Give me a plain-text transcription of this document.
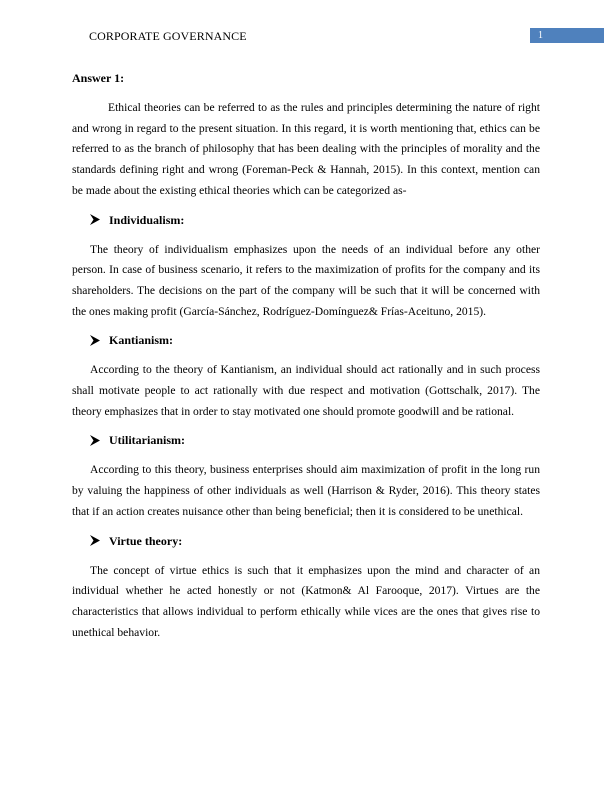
CORPORATE GOVERNANCE	1
Answer 1:

Ethical theories can be referred to as the rules and principles determining the nature of right and wrong in regard to the present situation. In this regard, it is worth mentioning that, ethics can be referred to as the branch of philosophy that has been dealing with the principles of morality and the standards defining right and wrong (Foreman-Peck & Hannah, 2015). In this context, mention can be made about the existing ethical theories which can be categorized as-

Individualism:

The theory of individualism emphasizes upon the needs of an individual before any other person. In case of business scenario, it refers to the maximization of profits for the company and its shareholders. The decisions on the part of the company will be such that it will be concerned with the ones making profit (García-Sánchez, Rodríguez-Domínguez& Frías-Aceituno, 2015).

Kantianism:

According to the theory of Kantianism, an individual should act rationally and in such process shall motivate people to act rationally with due respect and motivation (Gottschalk, 2017). The theory emphasizes that in order to stay motivated one should promote goodwill and be rational.

Utilitarianism:

According to this theory, business enterprises should aim maximization of profit in the long run by valuing the happiness of other individuals as well (Harrison & Ryder, 2016). This theory states that if an action creates nuisance other than being beneficial; then it is considered to be unethical.

Virtue theory:

The concept of virtue ethics is such that it emphasizes upon the mind and character of an individual whether he acted honestly or not (Katmon& Al Farooque, 2017). Virtues are the characteristics that allows individual to perform ethically while vices are the ones that gives rise to unethical behavior.
